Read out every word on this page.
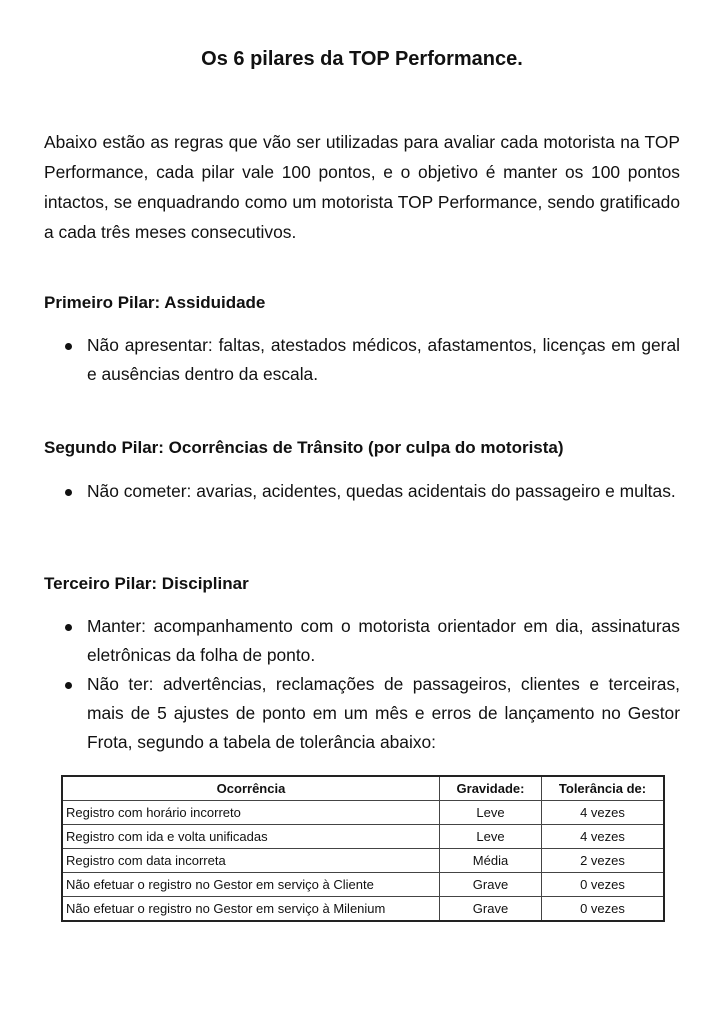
Os 6 pilares da TOP Performance.

Abaixo estão as regras que vão ser utilizadas para avaliar cada motorista na TOP Performance, cada pilar vale 100 pontos, e o objetivo é manter os 100 pontos intactos, se enquadrando como um motorista TOP Performance, sendo gratificado a cada três meses consecutivos.

Primeiro Pilar: Assiduidade
Não apresentar: faltas, atestados médicos, afastamentos, licenças em geral e ausências dentro da escala.
Segundo Pilar: Ocorrências de Trânsito (por culpa do motorista)
Não cometer: avarias, acidentes, quedas acidentais do passageiro e multas.
Terceiro Pilar: Disciplinar
Manter: acompanhamento com o motorista orientador em dia, assinaturas eletrônicas da folha de ponto.
Não ter: advertências, reclamações de passageiros, clientes e terceiras, mais de 5 ajustes de ponto em um mês e erros de lançamento no Gestor Frota, segundo a tabela de tolerância abaixo:
Ocorrência	Gravidade:	Tolerância de:
Registro com horário incorreto	Leve	4 vezes
Registro com ida e volta unificadas	Leve	4 vezes
Registro com data incorreta	Média	2 vezes
Não efetuar o registro no Gestor em serviço à Cliente	Grave	0 vezes
Não efetuar o registro no Gestor em serviço à Milenium	Grave	0 vezes
